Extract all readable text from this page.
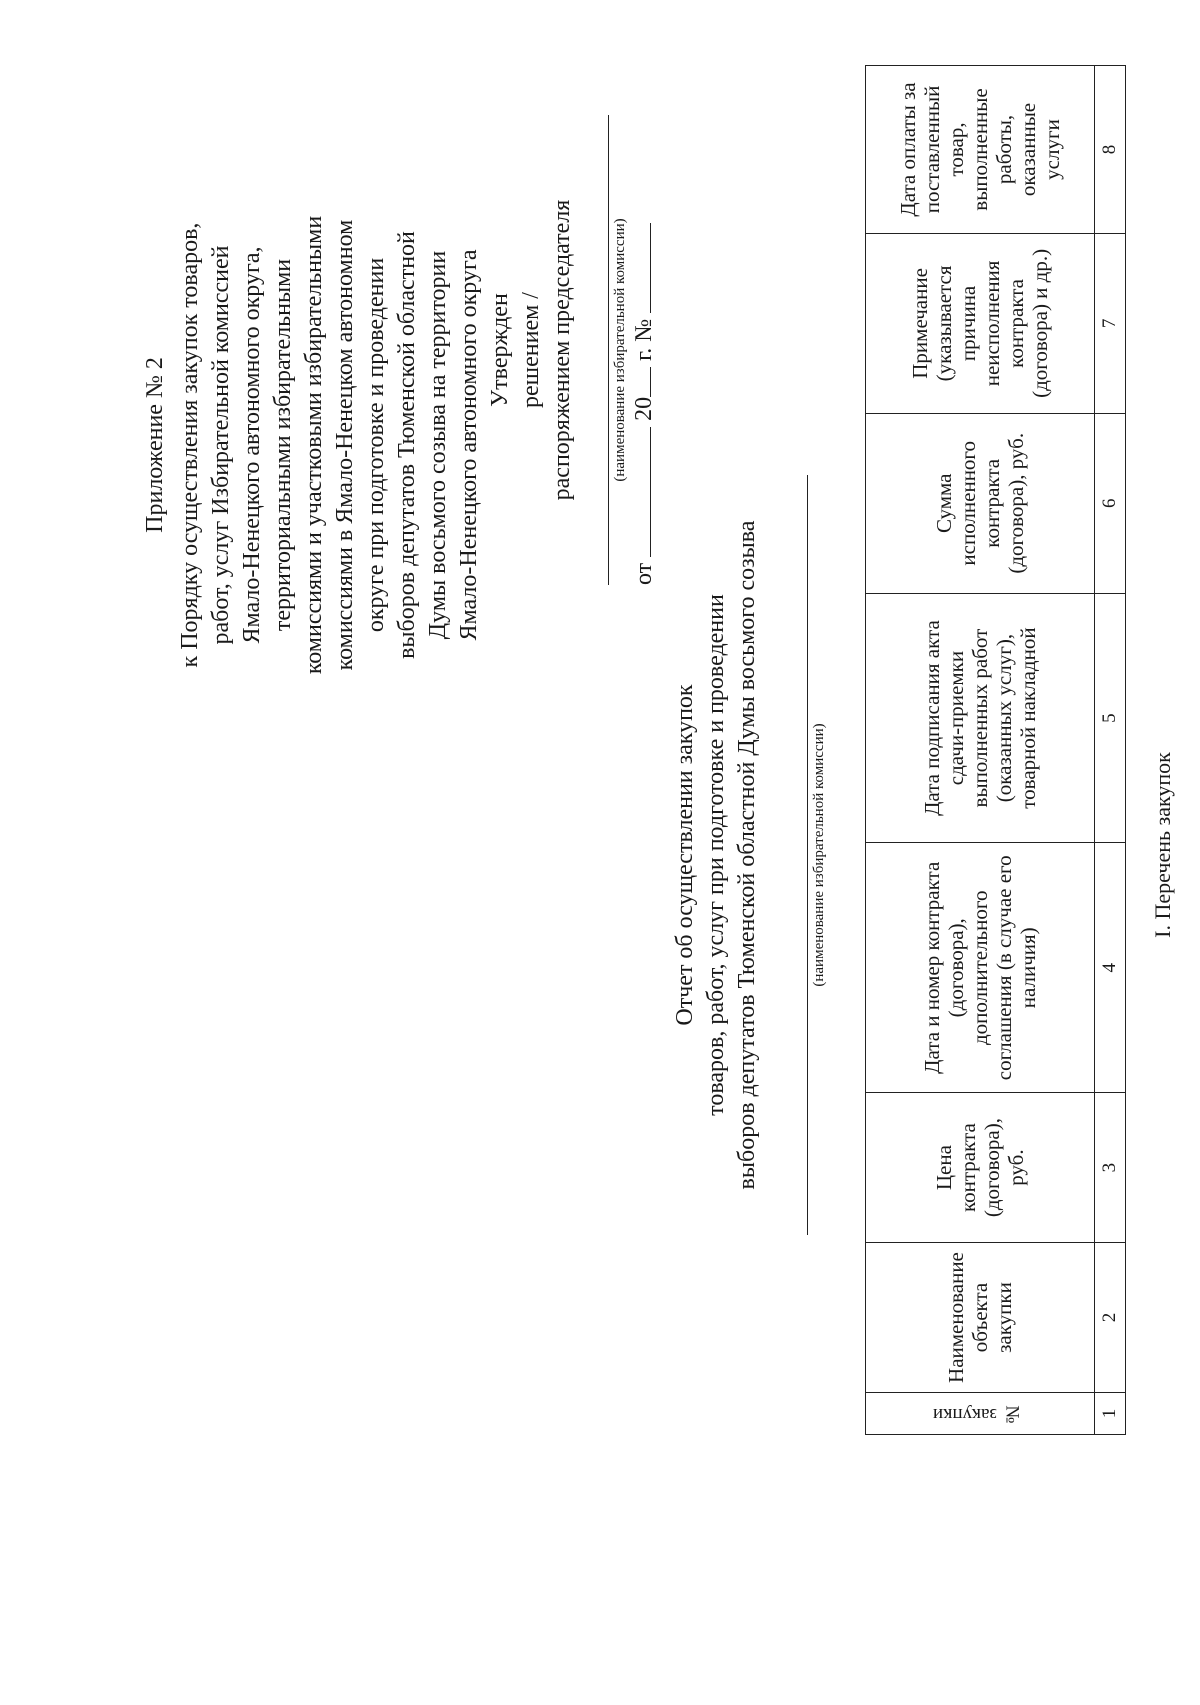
Приложение № 2 к Порядку осуществления закупок товаров, работ, услуг Избирательной комиссией Ямало-Ненецкого автономного округа, территориальными избирательными комиссиями и участковыми избирательными комиссиями в Ямало-Ненецком автономном округе при подготовке и проведении выборов депутатов Тюменской областной Думы восьмого созыва на территории Ямало-Ненецкого автономного округа Утвержден решением / распоряжением председателя (наименование избирательной комиссии)
от  20 г. №
Отчет об осуществлении закупок товаров, работ, услуг при подготовке и проведении выборов депутатов Тюменской областной Думы восьмого созыва	(наименование избирательной комиссии)
№ закупки	Наименование объекта закупки	Цена контракта (договора), руб.	Дата и номер контракта (договора), дополнительного соглашения (в случае его наличия)	Дата подписания акта сдачи-приемки выполненных работ (оказанных услуг), товарной накладной	Сумма исполненного контракта (договора), руб.	Примечание (указывается причина неисполнения контракта (договора) и др.)	Дата оплаты за поставленный товар, выполненные работы, оказанные услуги
1	2	3	4	5	6	7	8
I. Перечень закупок
